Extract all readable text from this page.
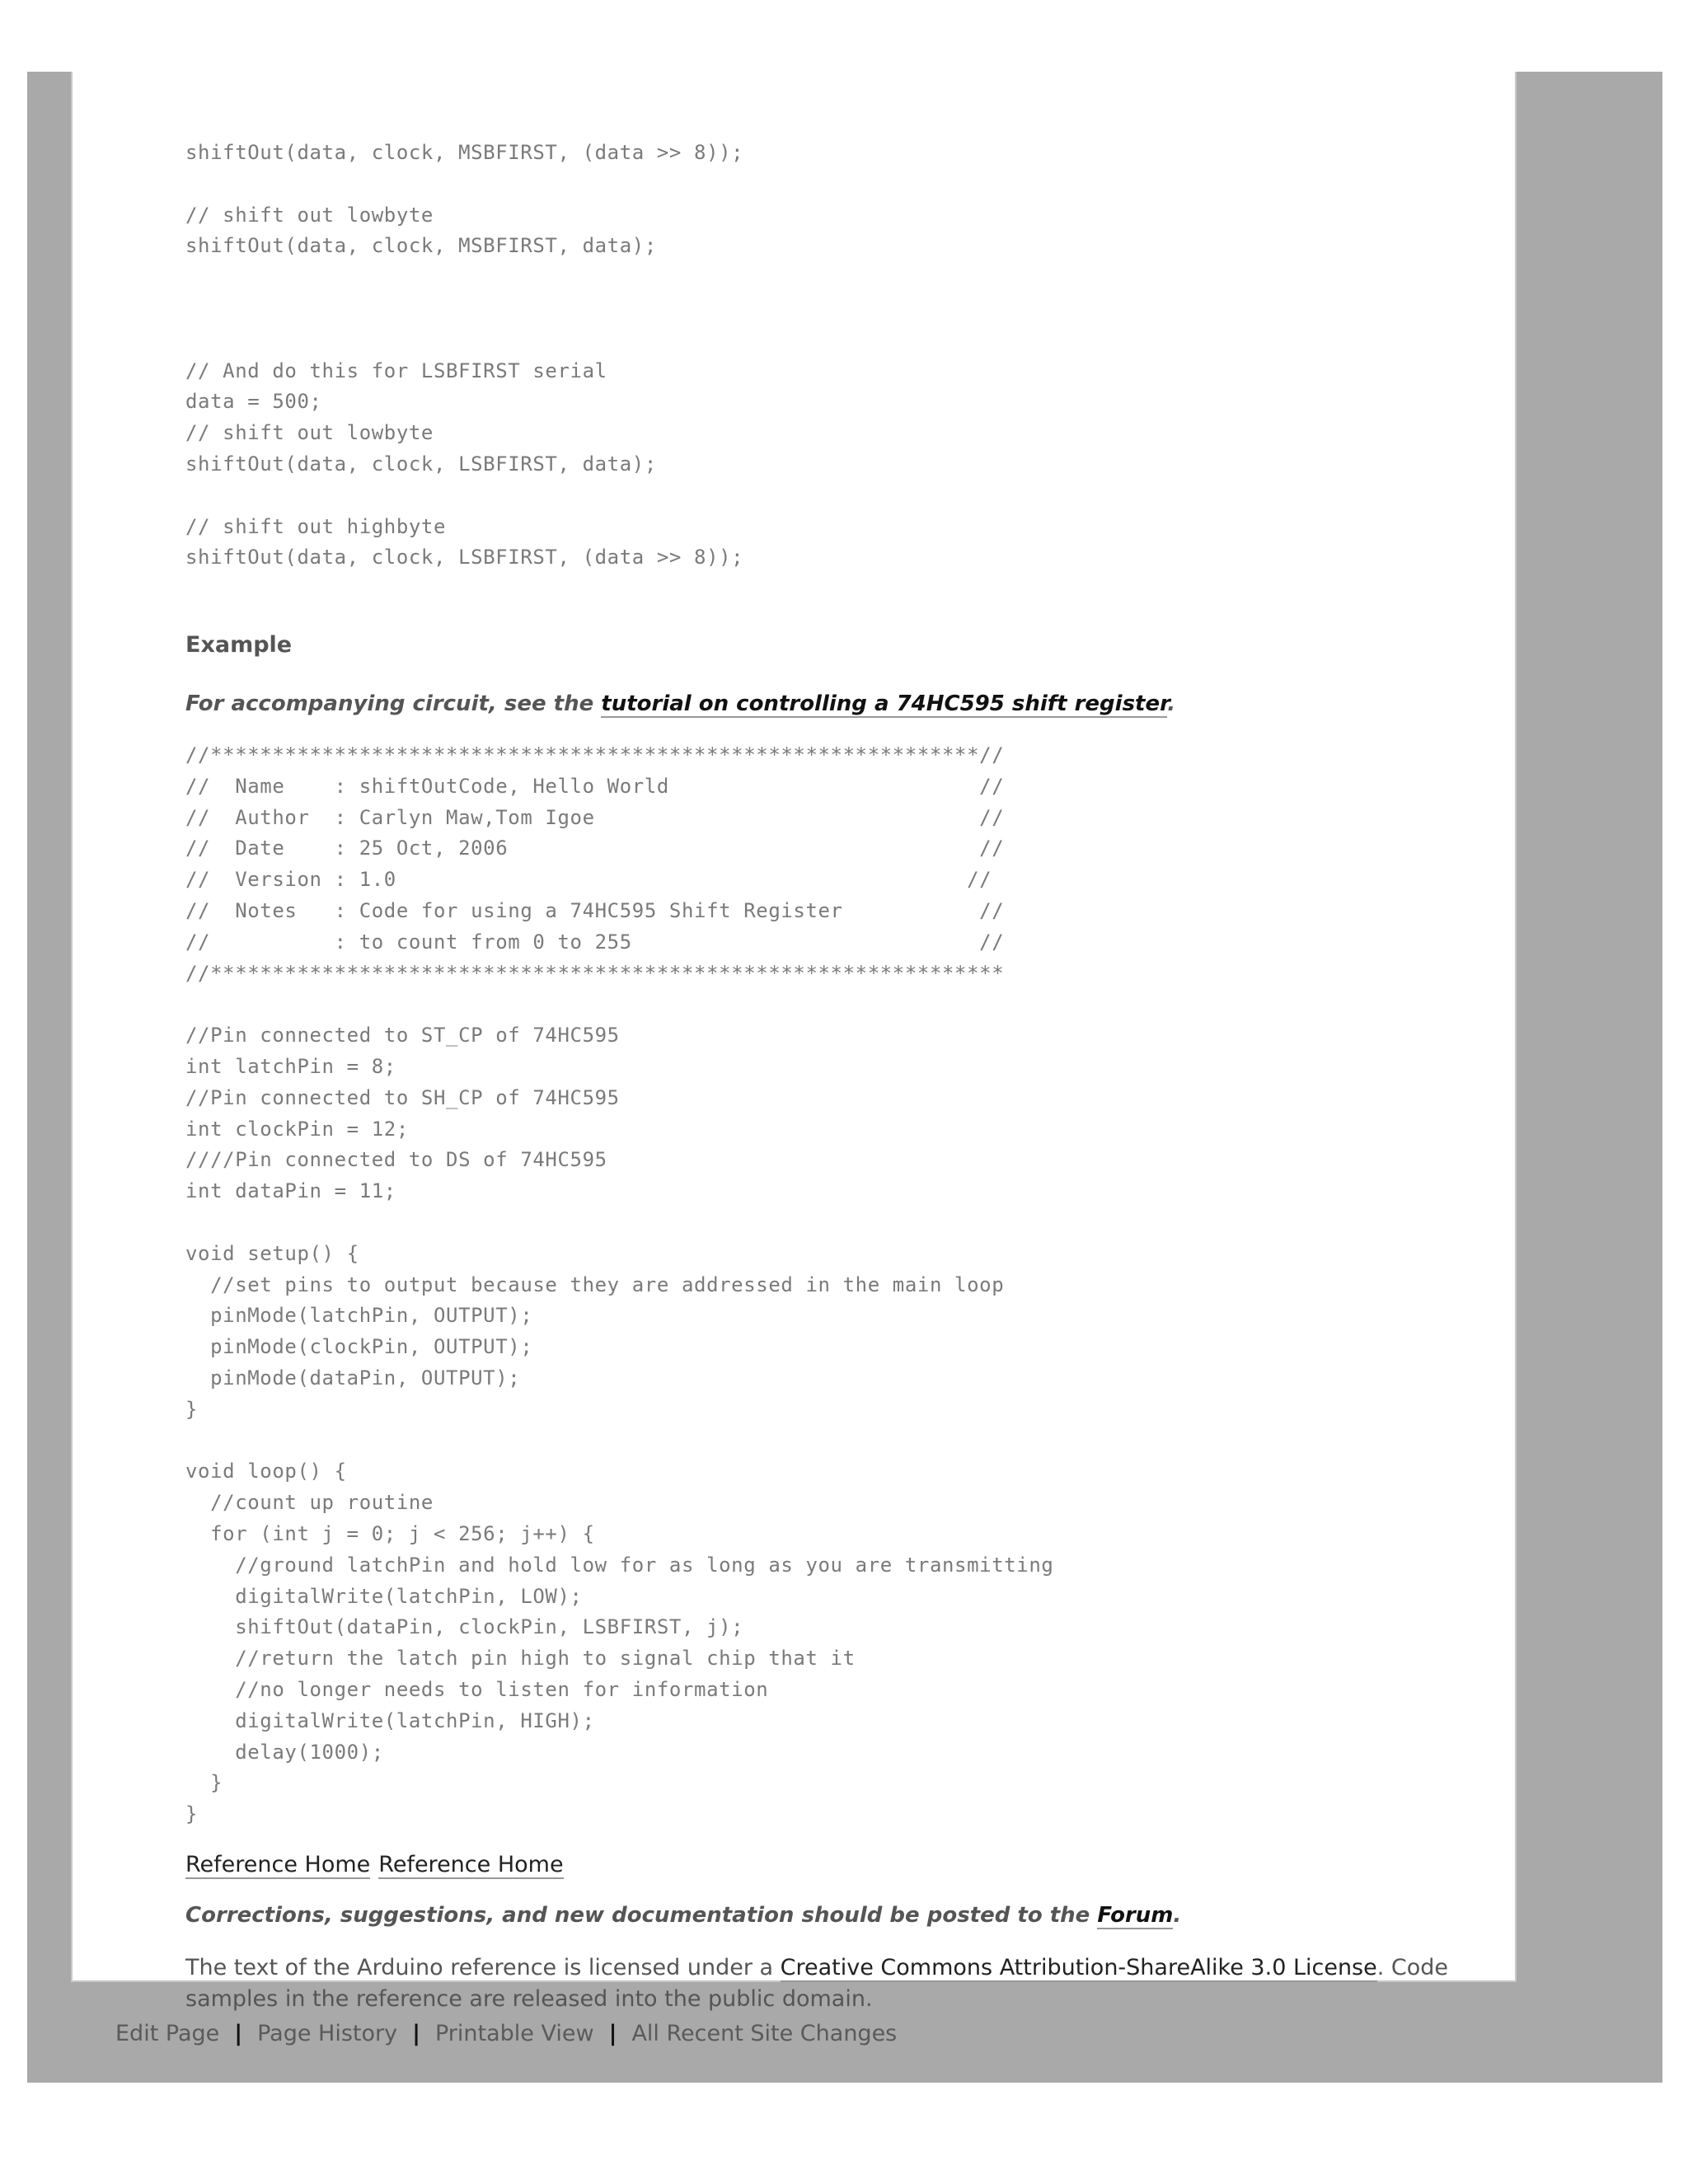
shiftOut(data, clock, MSBFIRST, (data >> 8));

// shift out lowbyte
shiftOut(data, clock, MSBFIRST, data);

// And do this for LSBFIRST serial
data = 500;
// shift out lowbyte
shiftOut(data, clock, LSBFIRST, data);

// shift out highbyte
shiftOut(data, clock, LSBFIRST, (data >> 8));
Example
For accompanying circuit, see the tutorial on controlling a 74HC595 shift register.
//**************************************************************//
//  Name    : shiftOutCode, Hello World                         //
//  Author  : Carlyn Maw,Tom Igoe                               //
//  Date    : 25 Oct, 2006                                      //
//  Version : 1.0                                              //
//  Notes   : Code for using a 74HC595 Shift Register           //
//          : to count from 0 to 255                            //
//****************************************************************

//Pin connected to ST_CP of 74HC595
int latchPin = 8;
//Pin connected to SH_CP of 74HC595
int clockPin = 12;
////Pin connected to DS of 74HC595
int dataPin = 11;

void setup() {
//set pins to output because they are addressed in the main loop
pinMode(latchPin, OUTPUT);
pinMode(clockPin, OUTPUT);
pinMode(dataPin, OUTPUT);
}

void loop() {
//count up routine
for (int j = 0; j < 256; j++) {
//ground latchPin and hold low for as long as you are transmitting
digitalWrite(latchPin, LOW);
shiftOut(dataPin, clockPin, LSBFIRST, j);
//return the latch pin high to signal chip that it
//no longer needs to listen for information
digitalWrite(latchPin, HIGH);
delay(1000);
}
}
Reference Home Reference Home
Corrections, suggestions, and new documentation should be posted to the Forum.
The text of the Arduino reference is licensed under a Creative Commons Attribution-ShareAlike 3.0 License. Code samples in the reference are released into the public domain.
Edit Page | Page History | Printable View | All Recent Site Changes
